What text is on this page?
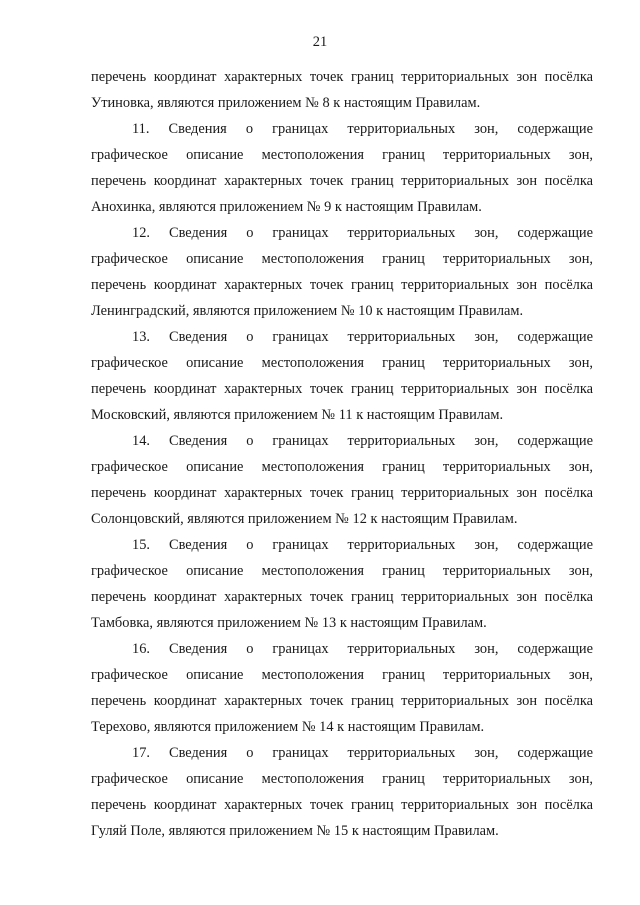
21
перечень координат характерных точек границ территориальных зон посёлка
Утиновка, являются приложением № 8 к настоящим Правилам.
11. Сведения о границах территориальных зон, содержащие
графическое описание местоположения границ территориальных зон,
перечень координат характерных точек границ территориальных зон посёлка
Анохинка, являются приложением № 9 к настоящим Правилам.
12. Сведения о границах территориальных зон, содержащие
графическое описание местоположения границ территориальных зон,
перечень координат характерных точек границ территориальных зон посёлка
Ленинградский, являются приложением № 10 к настоящим Правилам.
13. Сведения о границах территориальных зон, содержащие
графическое описание местоположения границ территориальных зон,
перечень координат характерных точек границ территориальных зон посёлка
Московский, являются приложением № 11 к настоящим Правилам.
14. Сведения о границах территориальных зон, содержащие
графическое описание местоположения границ территориальных зон,
перечень координат характерных точек границ территориальных зон посёлка
Солонцовский, являются приложением № 12 к настоящим Правилам.
15. Сведения о границах территориальных зон, содержащие
графическое описание местоположения границ территориальных зон,
перечень координат характерных точек границ территориальных зон посёлка
Тамбовка, являются приложением № 13 к настоящим Правилам.
16. Сведения о границах территориальных зон, содержащие
графическое описание местоположения границ территориальных зон,
перечень координат характерных точек границ территориальных зон посёлка
Терехово, являются приложением № 14 к настоящим Правилам.
17. Сведения о границах территориальных зон, содержащие
графическое описание местоположения границ территориальных зон,
перечень координат характерных точек границ территориальных зон посёлка
Гуляй Поле, являются приложением № 15 к настоящим Правилам.
